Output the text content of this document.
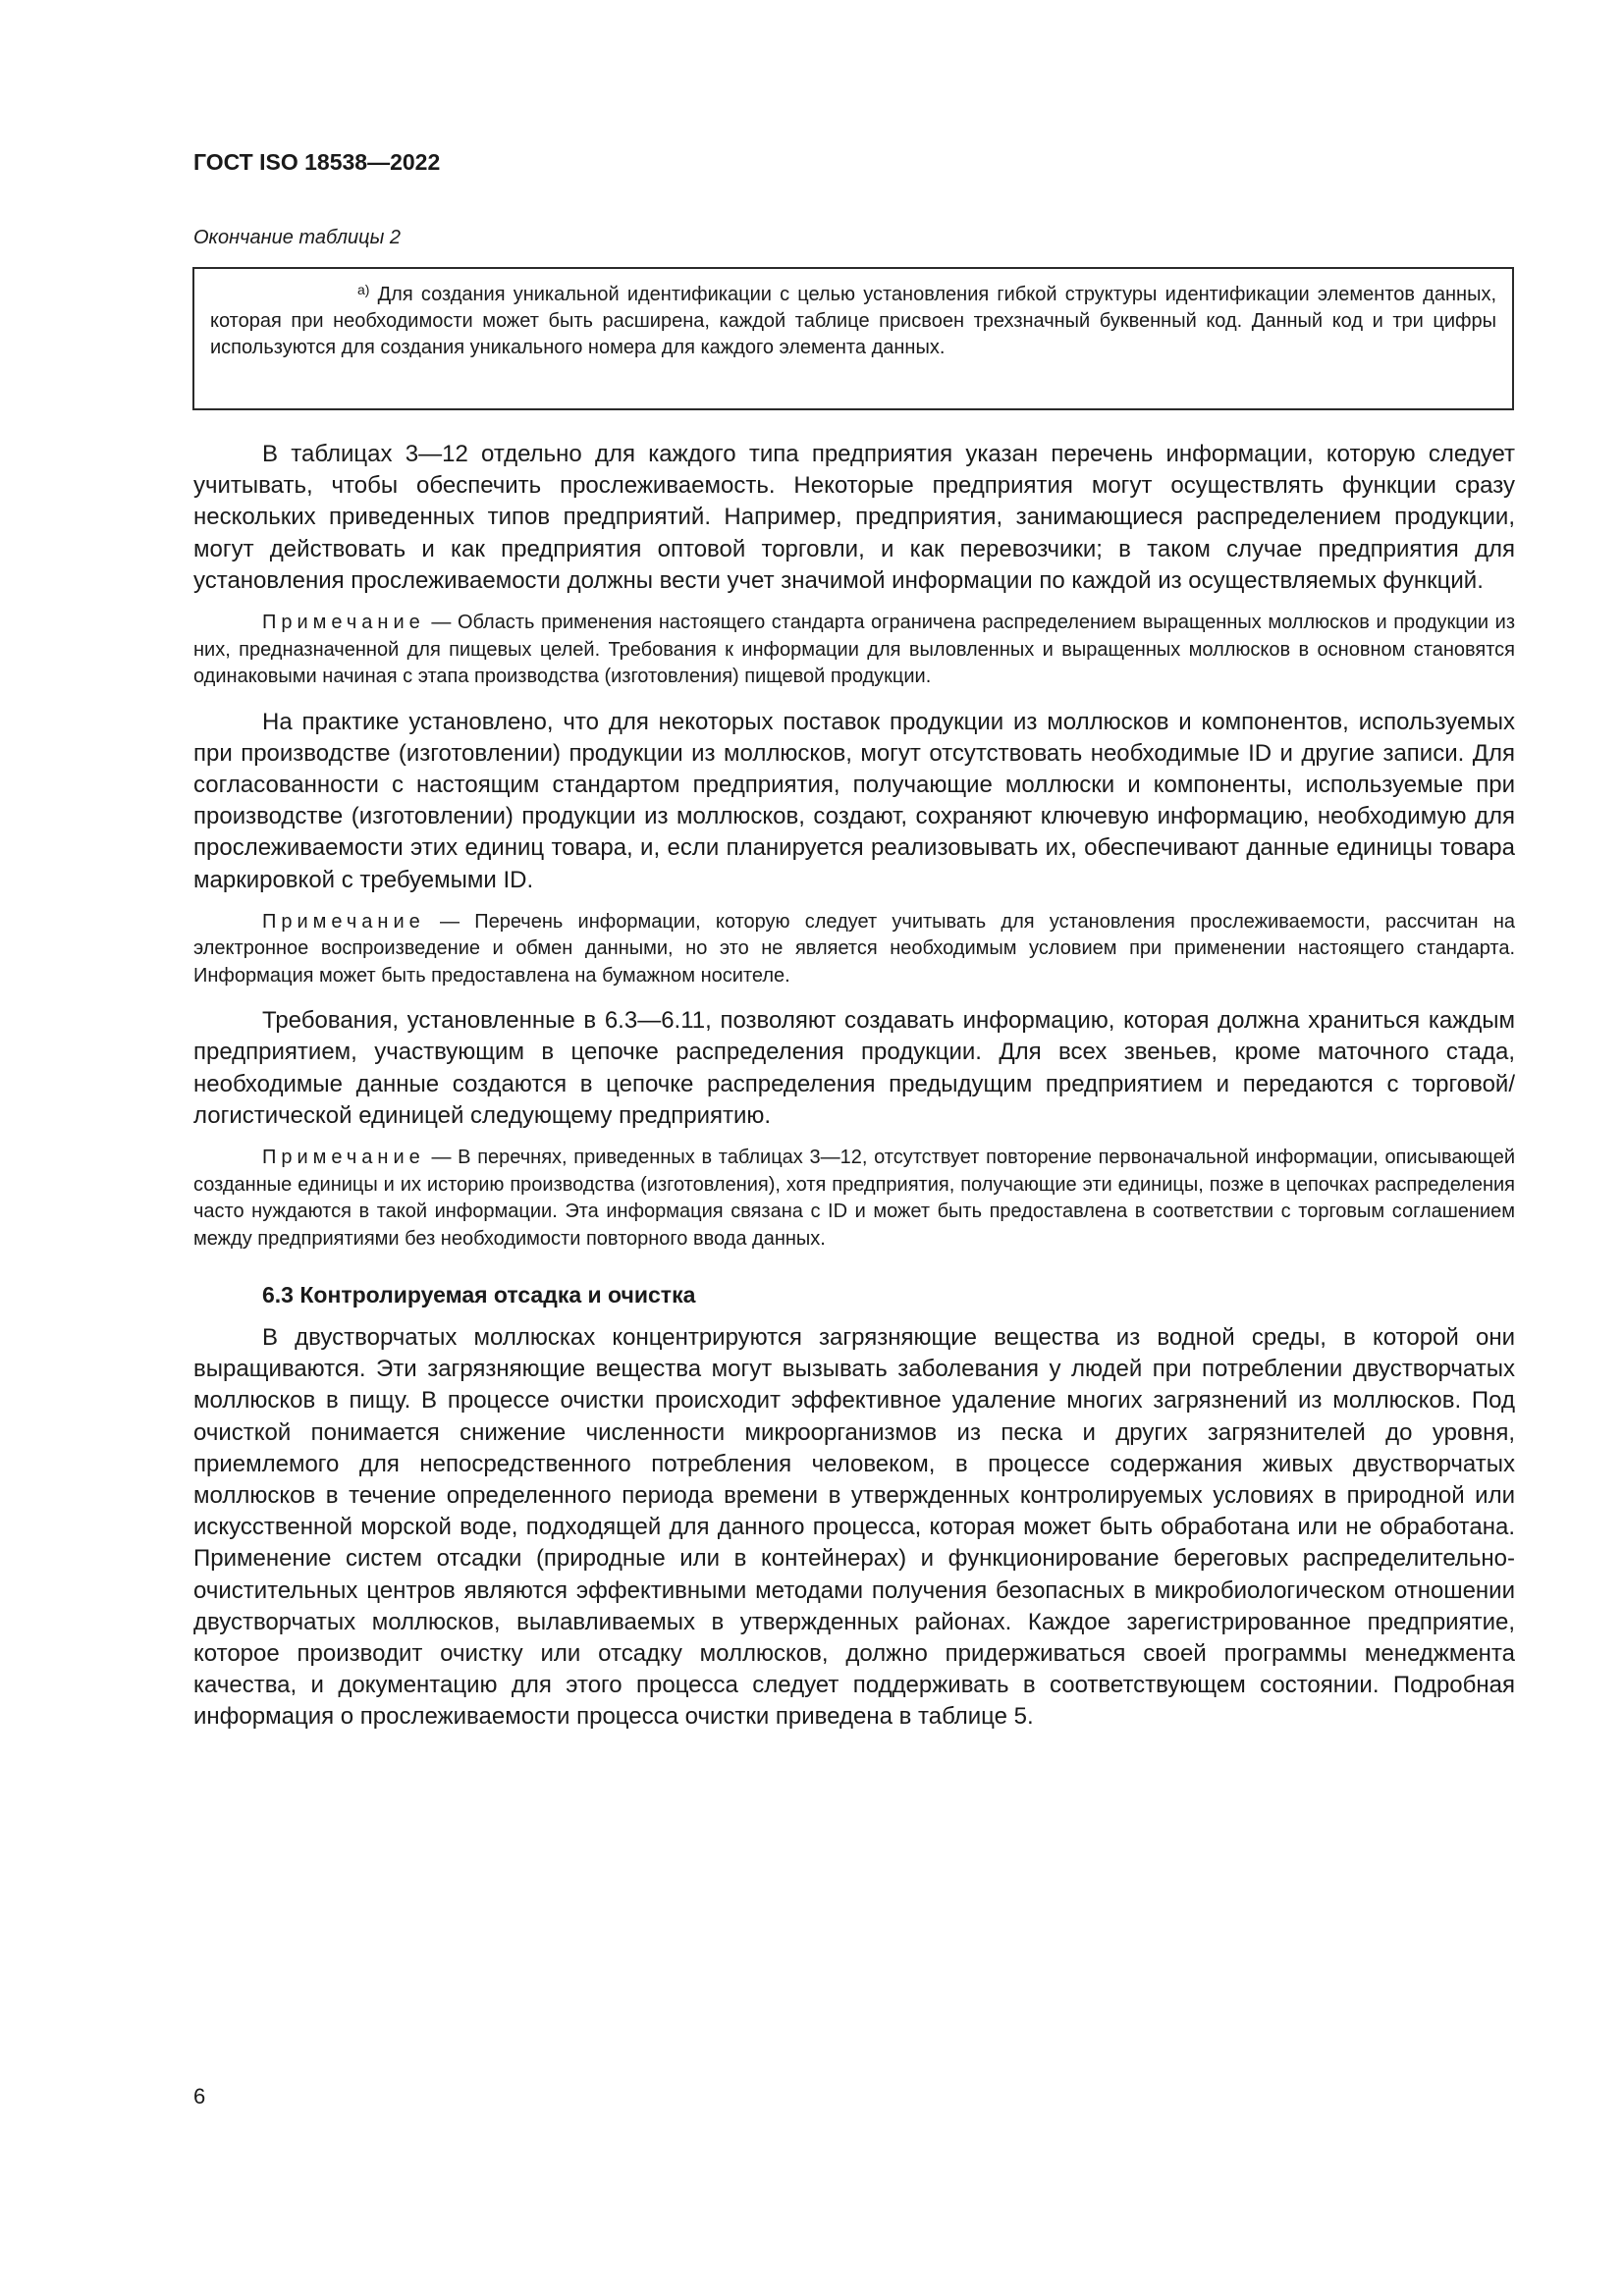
ГОСТ ISO 18538—2022

Окончание таблицы 2

$^{a)}$ Для создания уникальной идентификации с целью установления гибкой структуры идентификации элементов данных, которая при необходимости может быть расширена, каждой таблице присвоен трехзначный буквенный код. Данный код и три цифры используются для создания уникального номера для каждого элемента данных.

В таблицах 3—12 отдельно для каждого типа предприятия указан перечень информации, которую следует учитывать, чтобы обеспечить прослеживаемость. Некоторые предприятия могут осуществлять функции сразу нескольких приведенных типов предприятий. Например, предприятия, занимающиеся распределением продукции, могут действовать и как предприятия оптовой торговли, и как перевозчики; в таком случае предприятия для установления прослеживаемости должны вести учет значимой информации по каждой из осуществляемых функций.

Примечание — Область применения настоящего стандарта ограничена распределением выращенных моллюсков и продукции из них, предназначенной для пищевых целей. Требования к информации для выловленных и выращенных моллюсков в основном становятся одинаковыми начиная с этапа производства (изготовления) пищевой продукции.

На практике установлено, что для некоторых поставок продукции из моллюсков и компонентов, используемых при производстве (изготовлении) продукции из моллюсков, могут отсутствовать необходимые ID и другие записи. Для согласованности с настоящим стандартом предприятия, получающие моллюски и компоненты, используемые при производстве (изготовлении) продукции из моллюсков, создают, сохраняют ключевую информацию, необходимую для прослеживаемости этих единиц товара, и, если планируется реализовывать их, обеспечивают данные единицы товара маркировкой с требуемыми ID.

Примечание — Перечень информации, которую следует учитывать для установления прослеживаемости, рассчитан на электронное воспроизведение и обмен данными, но это не является необходимым условием при применении настоящего стандарта. Информация может быть предоставлена на бумажном носителе.

Требования, установленные в 6.3—6.11, позволяют создавать информацию, которая должна храниться каждым предприятием, участвующим в цепочке распределения продукции. Для всех звеньев, кроме маточного стада, необходимые данные создаются в цепочке распределения предыдущим предприятием и передаются с торговой/логистической единицей следующему предприятию.

Примечание — В перечнях, приведенных в таблицах 3—12, отсутствует повторение первоначальной информации, описывающей созданные единицы и их историю производства (изготовления), хотя предприятия, получающие эти единицы, позже в цепочках распределения часто нуждаются в такой информации. Эта информация связана с ID и может быть предоставлена в соответствии с торговым соглашением между предприятиями без необходимости повторного ввода данных.

6.3 Контролируемая отсадка и очистка

В двустворчатых моллюсках концентрируются загрязняющие вещества из водной среды, в которой они выращиваются. Эти загрязняющие вещества могут вызывать заболевания у людей при потреблении двустворчатых моллюсков в пищу. В процессе очистки происходит эффективное удаление многих загрязнений из моллюсков. Под очисткой понимается снижение численности микроорганизмов из песка и других загрязнителей до уровня, приемлемого для непосредственного потребления человеком, в процессе содержания живых двустворчатых моллюсков в течение определенного периода времени в утвержденных контролируемых условиях в природной или искусственной морской воде, подходящей для данного процесса, которая может быть обработана или не обработана. Применение систем отсадки (природные или в контейнерах) и функционирование береговых распределительно-очистительных центров являются эффективными методами получения безопасных в микробиологическом отношении двустворчатых моллюсков, вылавливаемых в утвержденных районах. Каждое зарегистрированное предприятие, которое производит очистку или отсадку моллюсков, должно придерживаться своей программы менеджмента качества, и документацию для этого процесса следует поддерживать в соответствующем состоянии. Подробная информация о прослеживаемости процесса очистки приведена в таблице 5.

6
